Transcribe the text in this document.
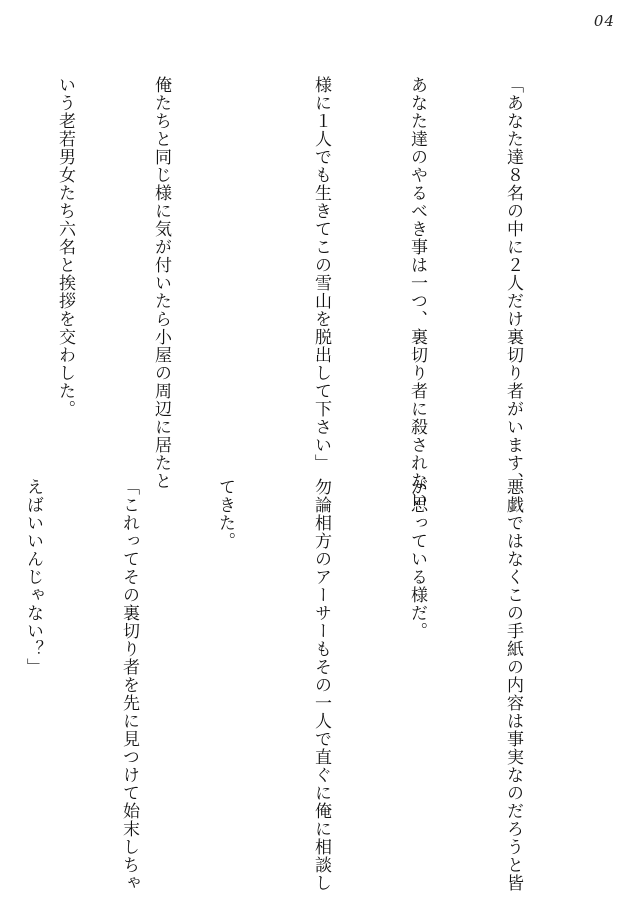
04

「あなた達８名の中に２人だけ裏切り者がいます、

あなた達のやるべき事は一つ、裏切り者に殺されない

様に１人でも生きてこの雪山を脱出して下さい」

俺たちと同じ様に気が付いたら小屋の周辺に居たと

いう老若男女たち六名と挨拶を交わした。

悪戯ではなくこの手紙の内容は事実なのだろうと皆

が思っている様だ。

勿論相方のアーサーもその一人で直ぐに俺に相談し

てきた。

「これってその裏切り者を先に見つけて始末しちゃ

えばいいんじゃない？」
